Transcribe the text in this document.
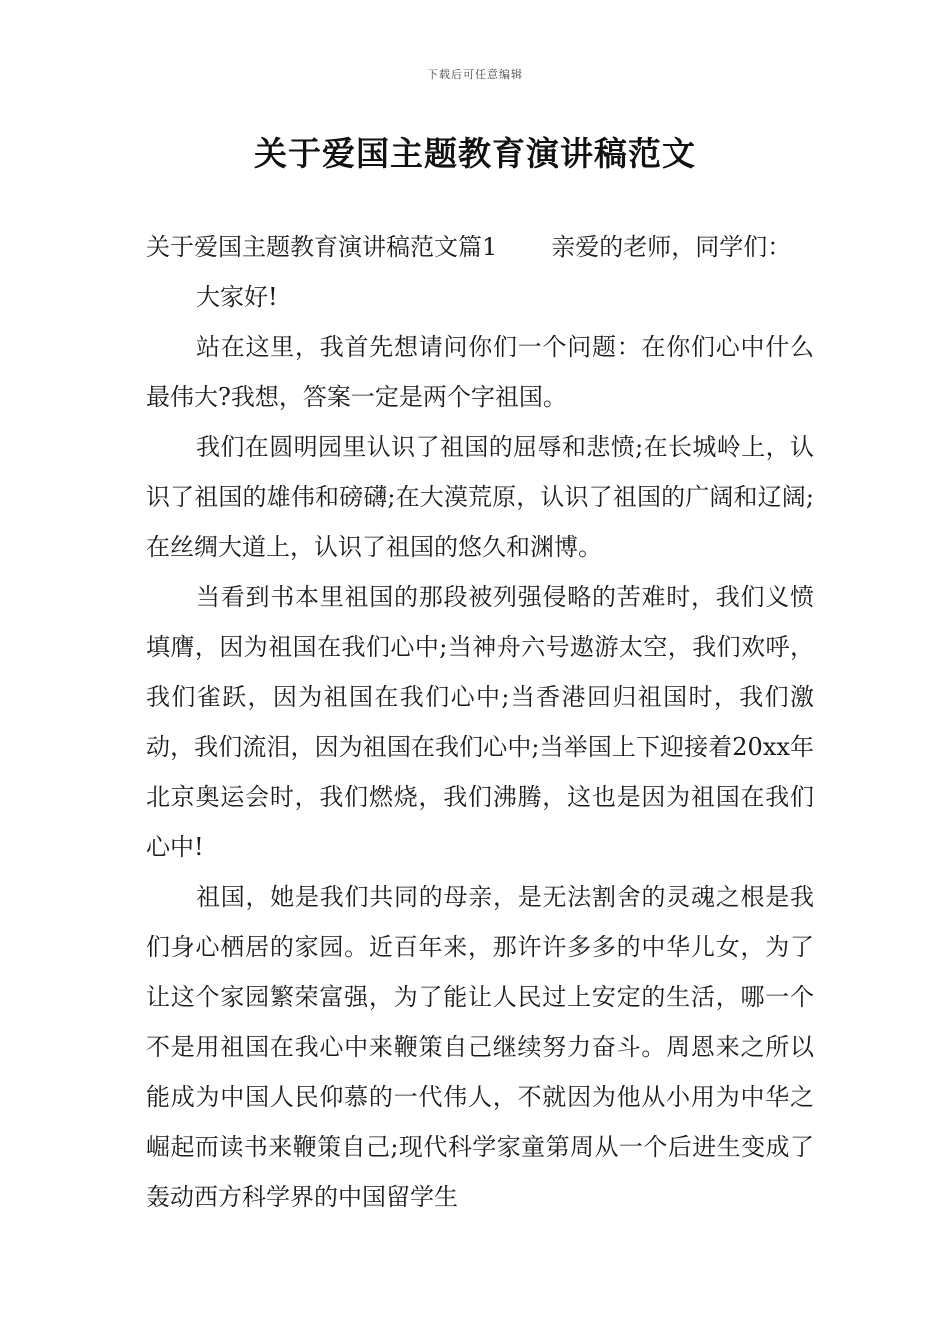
下载后可任意编辑
关于爱国主题教育演讲稿范文

关于爱国主题教育演讲稿范文篇1 亲爱的老师，同学们：

大家好!

站在这里，我首先想请问你们一个问题：在你们心中什么最伟大?我想，答案一定是两个字祖国。

我们在圆明园里认识了祖国的屈辱和悲愤;在长城岭上，认识了祖国的雄伟和磅礴;在大漠荒原，认识了祖国的广阔和辽阔;在丝绸大道上，认识了祖国的悠久和渊博。

当看到书本里祖国的那段被列强侵略的苦难时，我们义愤填膺，因为祖国在我们心中;当神舟六号遨游太空，我们欢呼，我们雀跃，因为祖国在我们心中;当香港回归祖国时，我们激动，我们流泪，因为祖国在我们心中;当举国上下迎接着20xx年北京奥运会时，我们燃烧，我们沸腾，这也是因为祖国在我们心中!

祖国，她是我们共同的母亲，是无法割舍的灵魂之根是我们身心栖居的家园。近百年来，那许许多多的中华儿女，为了让这个家园繁荣富强，为了能让人民过上安定的生活，哪一个不是用祖国在我心中来鞭策自己继续努力奋斗。周恩来之所以能成为中国人民仰慕的一代伟人，不就因为他从小用为中华之崛起而读书来鞭策自己;现代科学家童第周从一个后进生变成了轰动西方科学界的中国留学生
